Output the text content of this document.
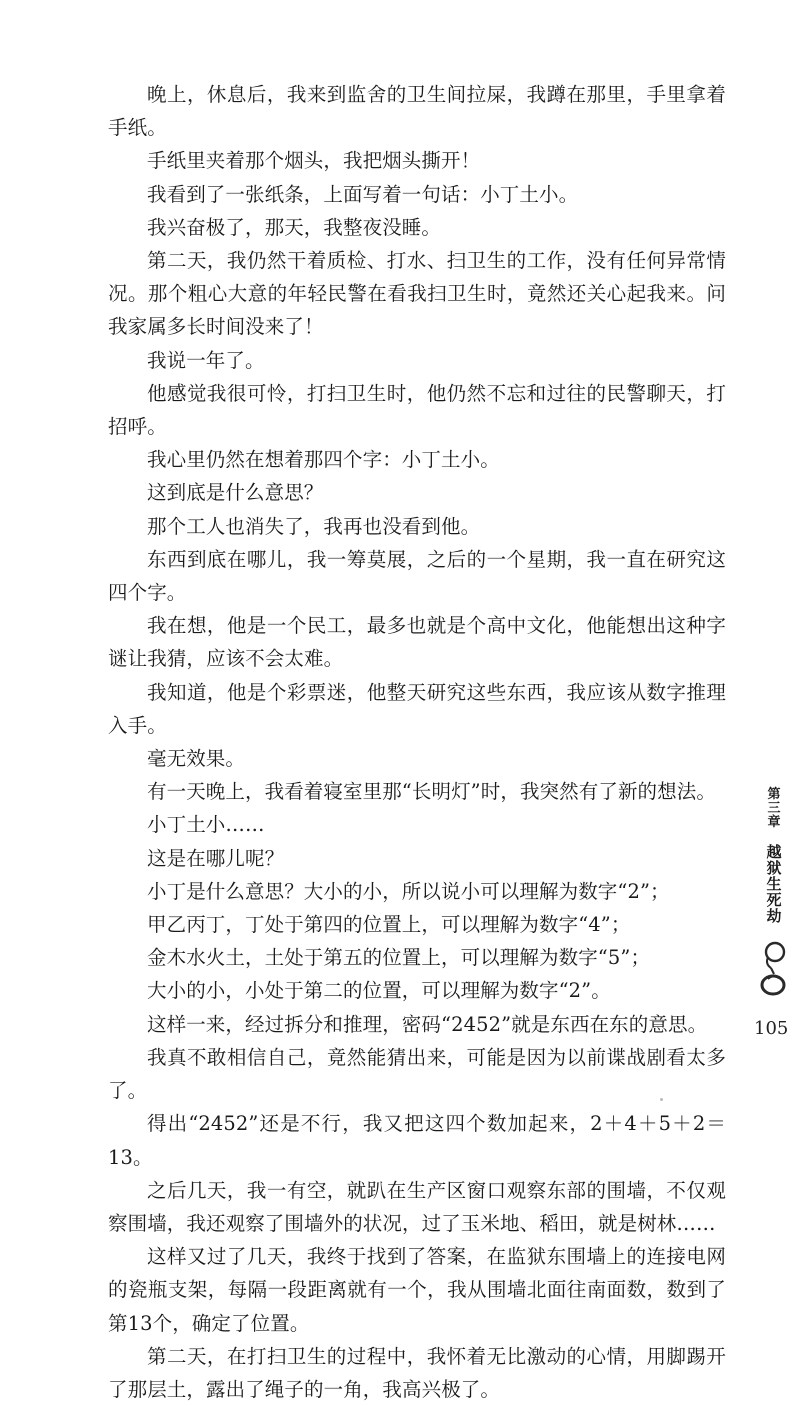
晚上，休息后，我来到监舍的卫生间拉屎，我蹲在那里，手里拿着手纸。

手纸里夹着那个烟头，我把烟头撕开！

我看到了一张纸条，上面写着一句话：小丁土小。

我兴奋极了，那天，我整夜没睡。

第二天，我仍然干着质检、打水、扫卫生的工作，没有任何异常情况。那个粗心大意的年轻民警在看我扫卫生时，竟然还关心起我来。问我家属多长时间没来了！

我说一年了。

他感觉我很可怜，打扫卫生时，他仍然不忘和过往的民警聊天，打招呼。

我心里仍然在想着那四个字：小丁土小。

这到底是什么意思？

那个工人也消失了，我再也没看到他。

东西到底在哪儿，我一筹莫展，之后的一个星期，我一直在研究这四个字。

我在想，他是一个民工，最多也就是个高中文化，他能想出这种字谜让我猜，应该不会太难。

我知道，他是个彩票迷，他整天研究这些东西，我应该从数字推理入手。

毫无效果。

有一天晚上，我看着寝室里那“长明灯”时，我突然有了新的想法。

小丁土小……

这是在哪儿呢？

小丁是什么意思？大小的小，所以说小可以理解为数字“2”；

甲乙丙丁，丁处于第四的位置上，可以理解为数字“4”；

金木水火土，土处于第五的位置上，可以理解为数字“5”；

大小的小，小处于第二的位置，可以理解为数字“2”。

这样一来，经过拆分和推理，密码“2452”就是东西在东的意思。

我真不敢相信自己，竟然能猜出来，可能是因为以前谍战剧看太多了。

得出“2452”还是不行，我又把这四个数加起来，2＋4＋5＋2＝13。

之后几天，我一有空，就趴在生产区窗口观察东部的围墙，不仅观察围墙，我还观察了围墙外的状况，过了玉米地、稻田，就是树林……

这样又过了几天，我终于找到了答案，在监狱东围墙上的连接电网的瓷瓶支架，每隔一段距离就有一个，我从围墙北面往南面数，数到了第13个，确定了位置。

第二天，在打扫卫生的过程中，我怀着无比激动的心情，用脚踢开了那层土，露出了绳子的一角，我高兴极了。

第三章
越狱生死劫
105
